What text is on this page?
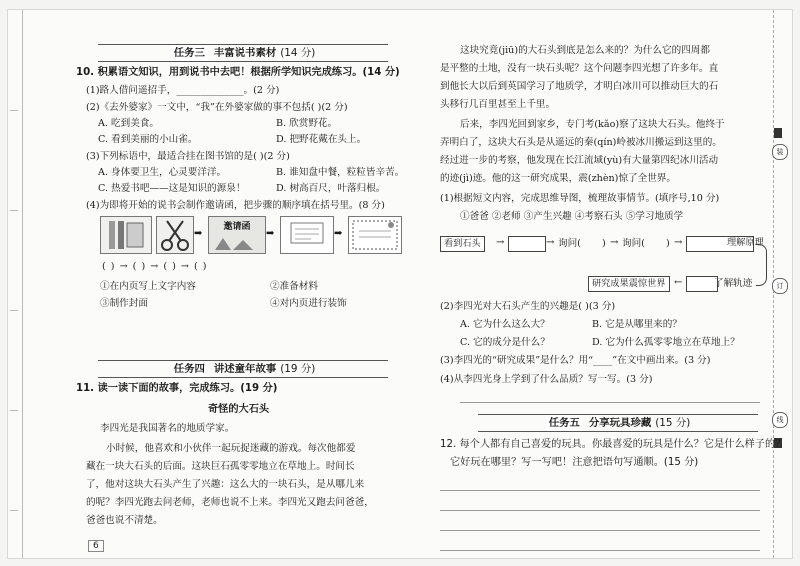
装
订
线
任务三 丰富说书素材 (14 分)
10. 积累语文知识，用到说书中去吧！根据所学知识完成练习。(14 分)
(1)路人借问遥招手，______________。(2 分)
(2)《去外婆家》一文中，“我”在外婆家做的事不包括( )(2 分)
A. 吃到美食。	B. 欣赏野花。
C. 看到美丽的小山雀。	D. 把野花戴在头上。
(3)下列标语中，最适合挂在图书馆的是( )(2 分)
A. 身体要卫生，心灵要洋洋。	B. 谁知盘中餐，粒粒皆辛苦。
C. 热爱书吧——这是知识的源泉！	D. 树高百尺，叶落归根。
(4)为即将开始的说书会制作邀请函，把步骤的顺序填在括号里。(8 分)
➡
邀请函
➡	➡
( ) → ( ) → ( ) → ( )
①在内页写上文字内容	②准备材料
③制作封面	④对内页进行装饰
任务四 讲述童年故事 (19 分)
11. 读一读下面的故事，完成练习。(19 分)
奇怪的大石头
李四光是我国著名的地质学家。
小时候，他喜欢和小伙伴一起玩捉迷藏的游戏。每次他都爱
藏在一块大石头的后面。这块巨石孤零零地立在草地上。时间长
了，他对这块大石头产生了兴趣：这么大的一块石头，是从哪儿来
的呢？李四光跑去问老师，老师也说不上来。李四光又跑去问爸爸，
爸爸也说不清楚。
6
这块究竟(jiū)的大石头到底是怎么来的？为什么它的四周都
是平整的土地，没有一块石头呢？这个问题李四光想了许多年。直
到他长大以后到英国学习了地质学，才明白冰川可以推动巨大的石
头移行几百里甚至上千里。
后来，李四光回到家乡，专门考(kǎo)察了这块大石头。他终于
弄明白了，这块大石头是从遥远的秦(qín)岭被冰川搬运到这里的。
经过进一步的考察，他发现在长江流域(yù)有大量第四纪冰川活动
的迹(jì)迹。他的这一研究成果，震(zhèn)惊了全世界。
(1)根据短文内容，完成思维导图，梳理故事情节。(填序号,10 分)
①爸爸 ②老师 ③产生兴趣 ④考察石头 ⑤学习地质学
看到石头	→	→ 询问( ) → 询问( ) →	理解原理
研究成果震惊世界 ←	了解轨迹
(2)李四光对大石头产生的兴趣是( )(3 分)
A. 它为什么这么大？	B. 它是从哪里来的？
C. 它的成分是什么？	D. 它为什么孤零零地立在草地上？
(3)李四光的“研究成果”是什么？用“____”在文中画出来。(3 分)
(4)从李四光身上学到了什么品质？写一写。(3 分)
任务五 分享玩具珍藏 (15 分)
12. 每个人都有自己喜爱的玩具。你最喜爱的玩具是什么？它是什么样子的？
它好玩在哪里？写一写吧！注意把语句写通顺。(15 分)
